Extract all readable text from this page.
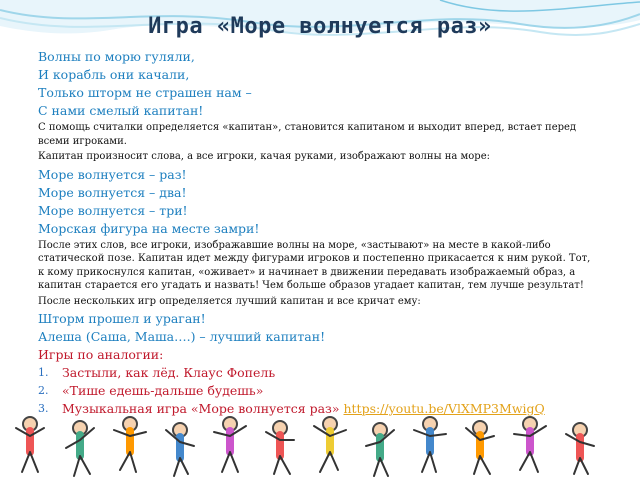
Игра «Море волнуется раз»

Волны по морю гуляли,

И корабль они качали,

Только шторм не страшен нам –

С нами смелый капитан!

С помощь считалки определяется «капитан», становится капитаном и выходит вперед, встает перед всеми игроками.

Капитан произносит слова, а все игроки, качая руками, изображают волны на море:

Море волнуется – раз!

Море волнуется – два!

Море волнуется – три!

Морская фигура на месте замри!

После этих слов, все игроки, изображавшие волны на море, «застывают» на месте в какой-либо статической позе. Капитан идет между фигурами игроков и постепенно прикасается к ним рукой. Тот, к кому прикоснулся капитан, «оживает» и начинает в движении передавать изображаемый образ, а капитан старается его угадать и назвать! Чем больше образов угадает капитан, тем лучше результат!

После нескольких игр определяется лучший капитан и все кричат ему:

Шторм прошел и ураган!

Алеша (Саша, Маша….) – лучший капитан!

Игры по аналогии:

1.	Застыли, как лёд. Клаус Фопель
2.	«Тише едешь-дальше будешь»
3.	Музыкальная игра «Море волнуется раз» https://youtu.be/VlXMP3MwigQ
